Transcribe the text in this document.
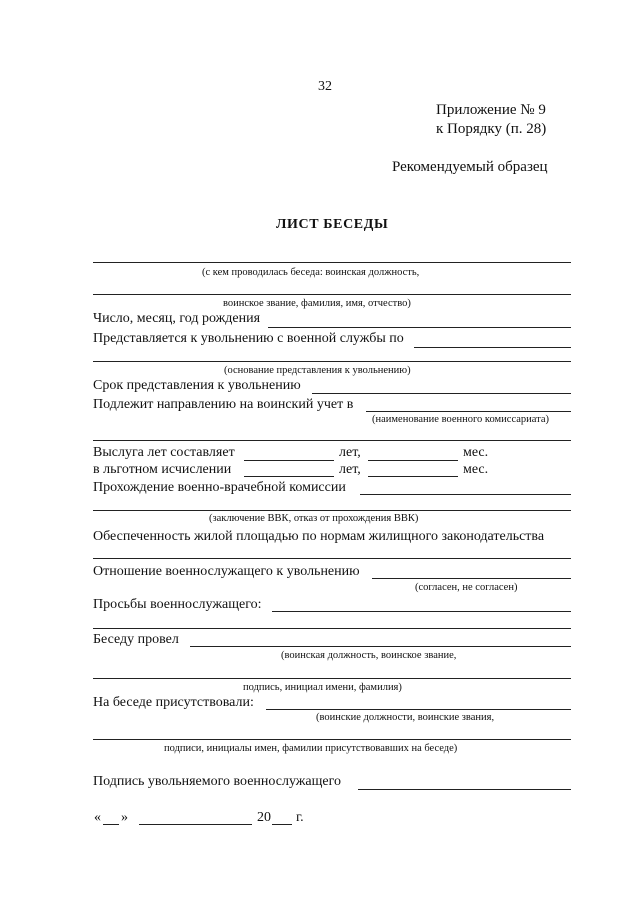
32
Приложение № 9
к Порядку (п. 28)
Рекомендуемый образец
ЛИСТ БЕСЕДЫ
(с кем проводилась беседа: воинская должность,
воинское звание, фамилия, имя, отчество)
Число, месяц, год рождения
Представляется к увольнению с военной службы по
(основание представления к увольнению)
Срок представления к увольнению
Подлежит направлению на воинский учет в
(наименование военного комиссариата)
Выслуга лет составляет	лет,	мес.
в льготном исчислении	лет,	мес.
Прохождение военно-врачебной комиссии
(заключение ВВК, отказ от прохождения ВВК)
Обеспеченность жилой площадью по нормам жилищного законодательства
Отношение военнослужащего к увольнению
(согласен, не согласен)
Просьбы военнослужащего:
Беседу провел
(воинская должность, воинское звание,
подпись, инициал имени, фамилия)
На беседе присутствовали:
(воинские должности, воинские звания,
подписи, инициалы имен, фамилии присутствовавших на беседе)
Подпись увольняемого военнослужащего
« »	20 г.
